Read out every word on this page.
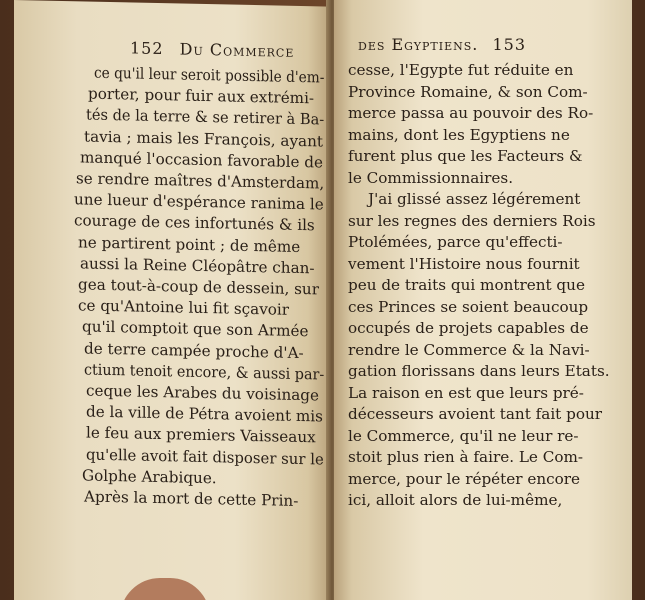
152 Du Commerce
ce qu'il leur seroit possible d'em-
porter, pour fuir aux extrémi-
tés de la terre & se retirer à Ba-
tavia ; mais les François, ayant
manqué l'occasion favorable de
se rendre maîtres d'Amsterdam,
une lueur d'espérance ranima le
courage de ces infortunés & ils
ne partirent point ; de même
aussi la Reine Cléopâtre chan-
gea tout-à-coup de dessein, sur
ce qu'Antoine lui fit sçavoir
qu'il comptoit que son Armée
de terre campée proche d'A-
ctium tenoit encore, & aussi par-
ceque les Arabes du voisinage
de la ville de Pétra avoient mis
le feu aux premiers Vaisseaux
qu'elle avoit fait disposer sur le
Golphe Arabique.
Après la mort de cette Prin-
des Egyptiens. 153
cesse, l'Egypte fut réduite en
Province Romaine, & son Com-
merce passa au pouvoir des Ro-
mains, dont les Egyptiens ne
furent plus que les Facteurs &
le Commissionnaires.
J'ai glissé assez légérement
sur les regnes des derniers Rois
Ptolémées, parce qu'effecti-
vement l'Histoire nous fournit
peu de traits qui montrent que
ces Princes se soient beaucoup
occupés de projets capables de
rendre le Commerce & la Navi-
gation florissans dans leurs Etats.
La raison en est que leurs pré-
décesseurs avoient tant fait pour
le Commerce, qu'il ne leur re-
stoit plus rien à faire. Le Com-
merce, pour le répéter encore
ici, alloit alors de lui-même,
